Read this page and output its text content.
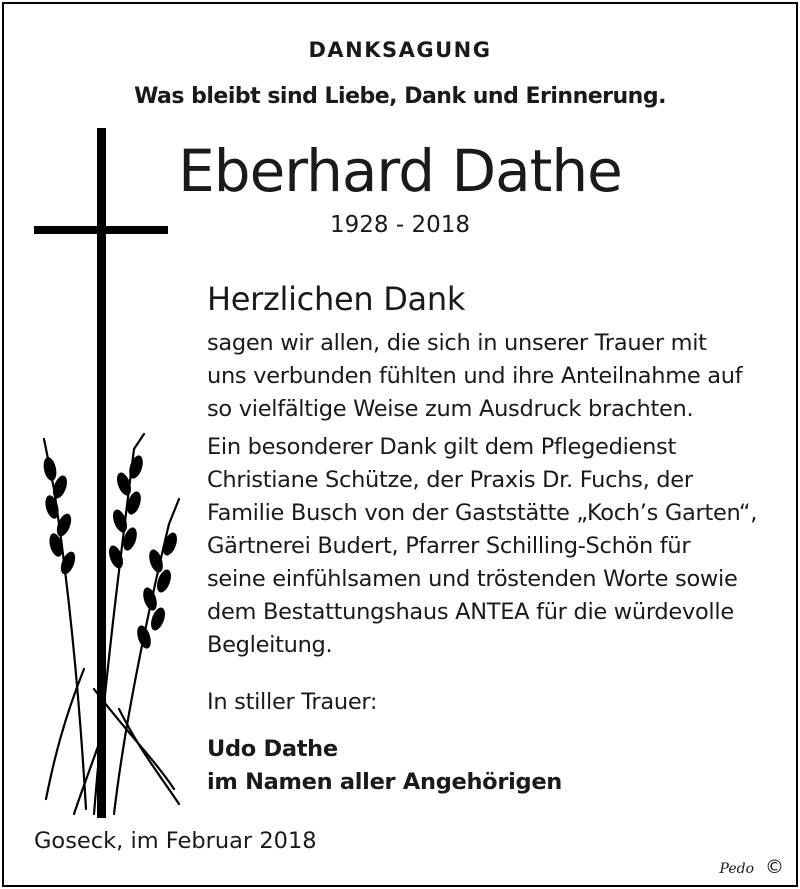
DANKSAGUNG
Was bleibt sind Liebe, Dank und Erinnerung.
Eberhard Dathe
1928 - 2018
Herzlichen Dank
sagen wir allen, die sich in unserer Trauer mit
uns verbunden fühlten und ihre Anteilnahme auf
so vielfältige Weise zum Ausdruck brachten.
Ein besonderer Dank gilt dem Pflegedienst
Christiane Schütze, der Praxis Dr. Fuchs, der
Familie Busch von der Gaststätte „Koch’s Garten“,
Gärtnerei Budert, Pfarrer Schilling-Schön für
seine einfühlsamen und tröstenden Worte sowie
dem Bestattungshaus ANTEA für die würdevolle
Begleitung.
In stiller Trauer:
Udo Dathe
im Namen aller Angehörigen
Goseck, im Februar 2018
Pedo ©
